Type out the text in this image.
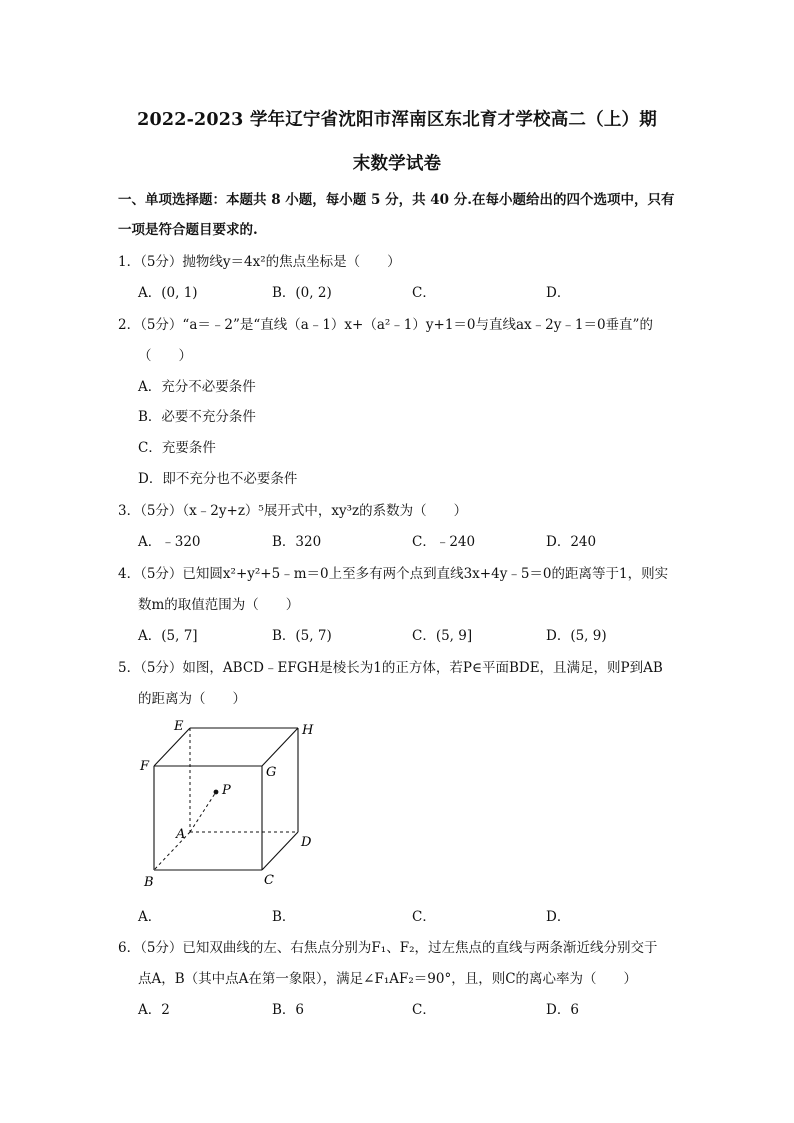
2022-2023 学年辽宁省沈阳市浑南区东北育才学校高二（上）期
末数学试卷
一、单项选择题：本题共 8 小题，每小题 5 分，共 40 分.在每小题给出的四个选项中，只有
一项是符合题目要求的.
1．（5分）抛物线y＝4x²的焦点坐标是（　　）
A．(0, 1)	B．(0, 2)	C．	D．
2．（5分）“a＝﹣2”是“直线（a﹣1）x+（a²﹣1）y+1＝0与直线ax﹣2y﹣1＝0垂直”的
（　　）
A．充分不必要条件
B．必要不充分条件
C．充要条件
D．即不充分也不必要条件
3．（5分）（x﹣2y+z）⁵展开式中，xy³z的系数为（　　）
A．﹣320	B．320	C．﹣240	D．240
4．（5分）已知圆x²+y²+5﹣m＝0上至多有两个点到直线3x+4y﹣5＝0的距离等于1，则实
数m的取值范围为（　　）
A．(5, 7]	B．(5, 7)	C．(5, 9]	D．(5, 9)
5．（5分）如图，ABCD﹣EFGH是棱长为1的正方体，若P∈平面BDE，且满足，则P到AB
的距离为（　　）
E	H
F	G
P
A
D
B	C
A．	B．	C．	D．
6．（5分）已知双曲线的左、右焦点分别为F₁、F₂，过左焦点的直线与两条渐近线分别交于
点A，B（其中点A在第一象限），满足∠F₁AF₂＝90°，且，则C的离心率为（　　）
A．2	B．6	C．	D．6
